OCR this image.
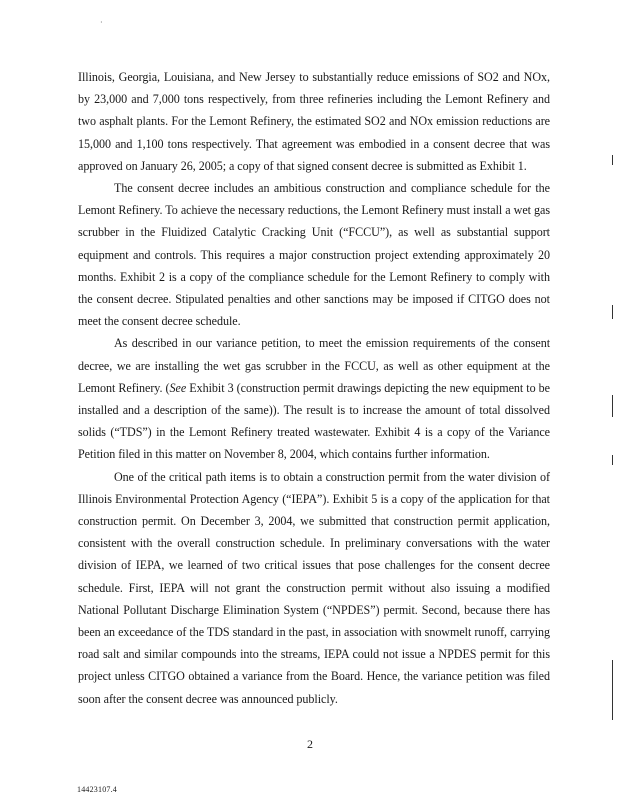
·

Illinois, Georgia, Louisiana, and New Jersey to substantially reduce emissions of SO2 and NOx, by 23,000 and 7,000 tons respectively, from three refineries including the Lemont Refinery and two asphalt plants. For the Lemont Refinery, the estimated SO2 and NOx emission reductions are 15,000 and 1,100 tons respectively. That agreement was embodied in a consent decree that was approved on January 26, 2005; a copy of that signed consent decree is submitted as Exhibit 1.

The consent decree includes an ambitious construction and compliance schedule for the Lemont Refinery. To achieve the necessary reductions, the Lemont Refinery must install a wet gas scrubber in the Fluidized Catalytic Cracking Unit (“FCCU”), as well as substantial support equipment and controls. This requires a major construction project extending approximately 20 months. Exhibit 2 is a copy of the compliance schedule for the Lemont Refinery to comply with the consent decree. Stipulated penalties and other sanctions may be imposed if CITGO does not meet the consent decree schedule.

As described in our variance petition, to meet the emission requirements of the consent decree, we are installing the wet gas scrubber in the FCCU, as well as other equipment at the Lemont Refinery. (See Exhibit 3 (construction permit drawings depicting the new equipment to be installed and a description of the same)). The result is to increase the amount of total dissolved solids (“TDS”) in the Lemont Refinery treated wastewater. Exhibit 4 is a copy of the Variance Petition filed in this matter on November 8, 2004, which contains further information.

One of the critical path items is to obtain a construction permit from the water division of Illinois Environmental Protection Agency (“IEPA”). Exhibit 5 is a copy of the application for that construction permit. On December 3, 2004, we submitted that construction permit application, consistent with the overall construction schedule. In preliminary conversations with the water division of IEPA, we learned of two critical issues that pose challenges for the consent decree schedule. First, IEPA will not grant the construction permit without also issuing a modified National Pollutant Discharge Elimination System (“NPDES”) permit. Second, because there has been an exceedance of the TDS standard in the past, in association with snowmelt runoff, carrying road salt and similar compounds into the streams, IEPA could not issue a NPDES permit for this project unless CITGO obtained a variance from the Board. Hence, the variance petition was filed soon after the consent decree was announced publicly.

2
14423107.4
